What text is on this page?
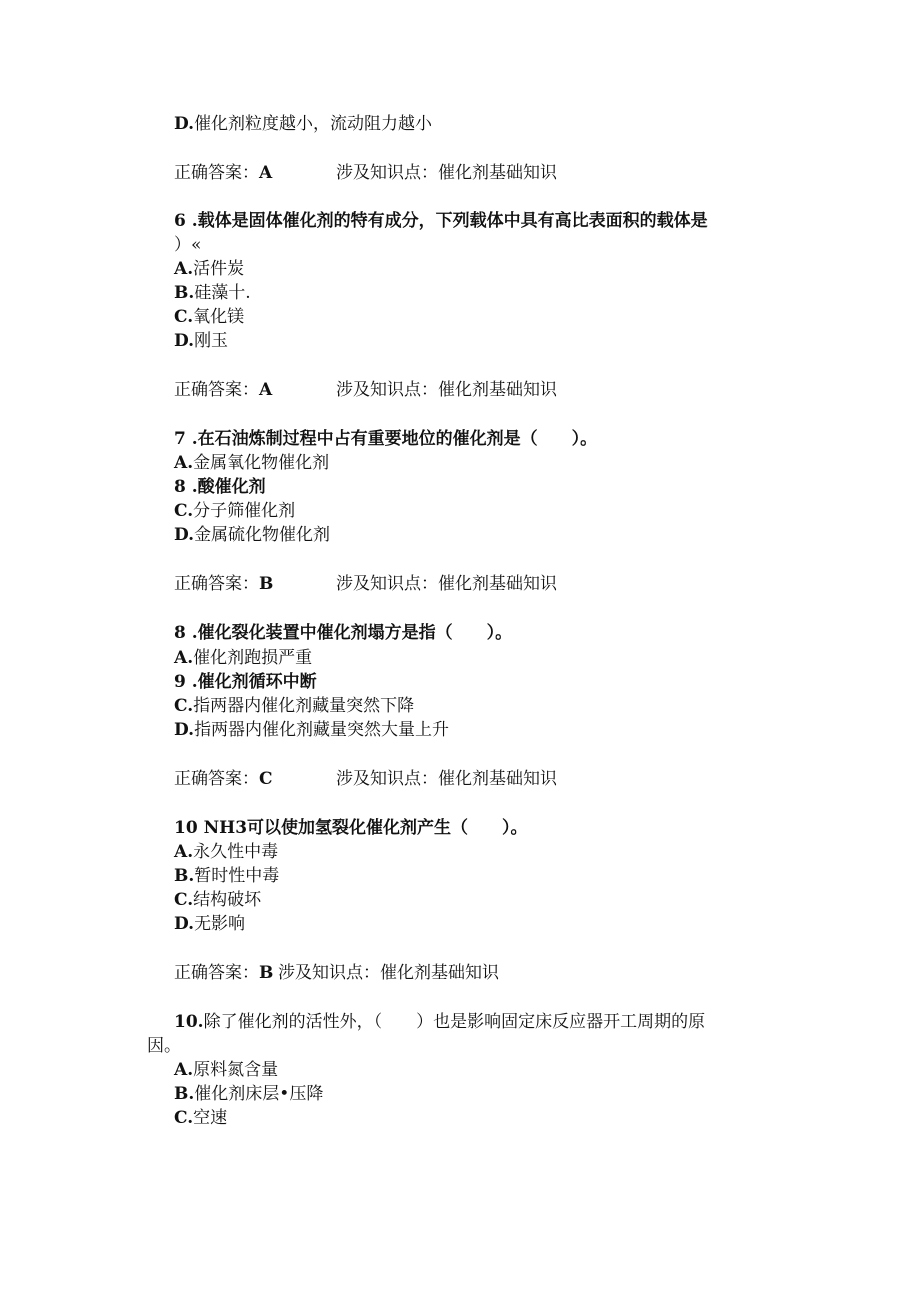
D.催化剂粒度越小，流动阻力越小
正确答案：A	涉及知识点：催化剂基础知识
6 .载体是固体催化剂的特有成分，下列载体中具有高比表面积的载体是
）«
A.活件炭
B.硅藻十.
C.氧化镁
D.刚玉
正确答案：A	涉及知识点：催化剂基础知识
7 .在石油炼制过程中占有重要地位的催化剂是（　　）。
A.金属氧化物催化剂
8 .酸催化剂
C.分子筛催化剂
D.金属硫化物催化剂
正确答案：B	涉及知识点：催化剂基础知识
8 .催化裂化装置中催化剂塌方是指（　　）。
A.催化剂跑损严重
9 .催化剂循环中断
C.指两器内催化剂藏量突然下降
D.指两器内催化剂藏量突然大量上升
正确答案：C	涉及知识点：催化剂基础知识
10 NH3可以使加氢裂化催化剂产生（　　）。
A.永久性中毒
B.暂时性中毒
C.结构破坏
D.无影响
正确答案：B 涉及知识点：催化剂基础知识
10.除了催化剂的活性外，（　　）也是影响固定床反应器开工周期的原
因。
A.原料氮含量
B.催化剂床层•压降
C.空速
